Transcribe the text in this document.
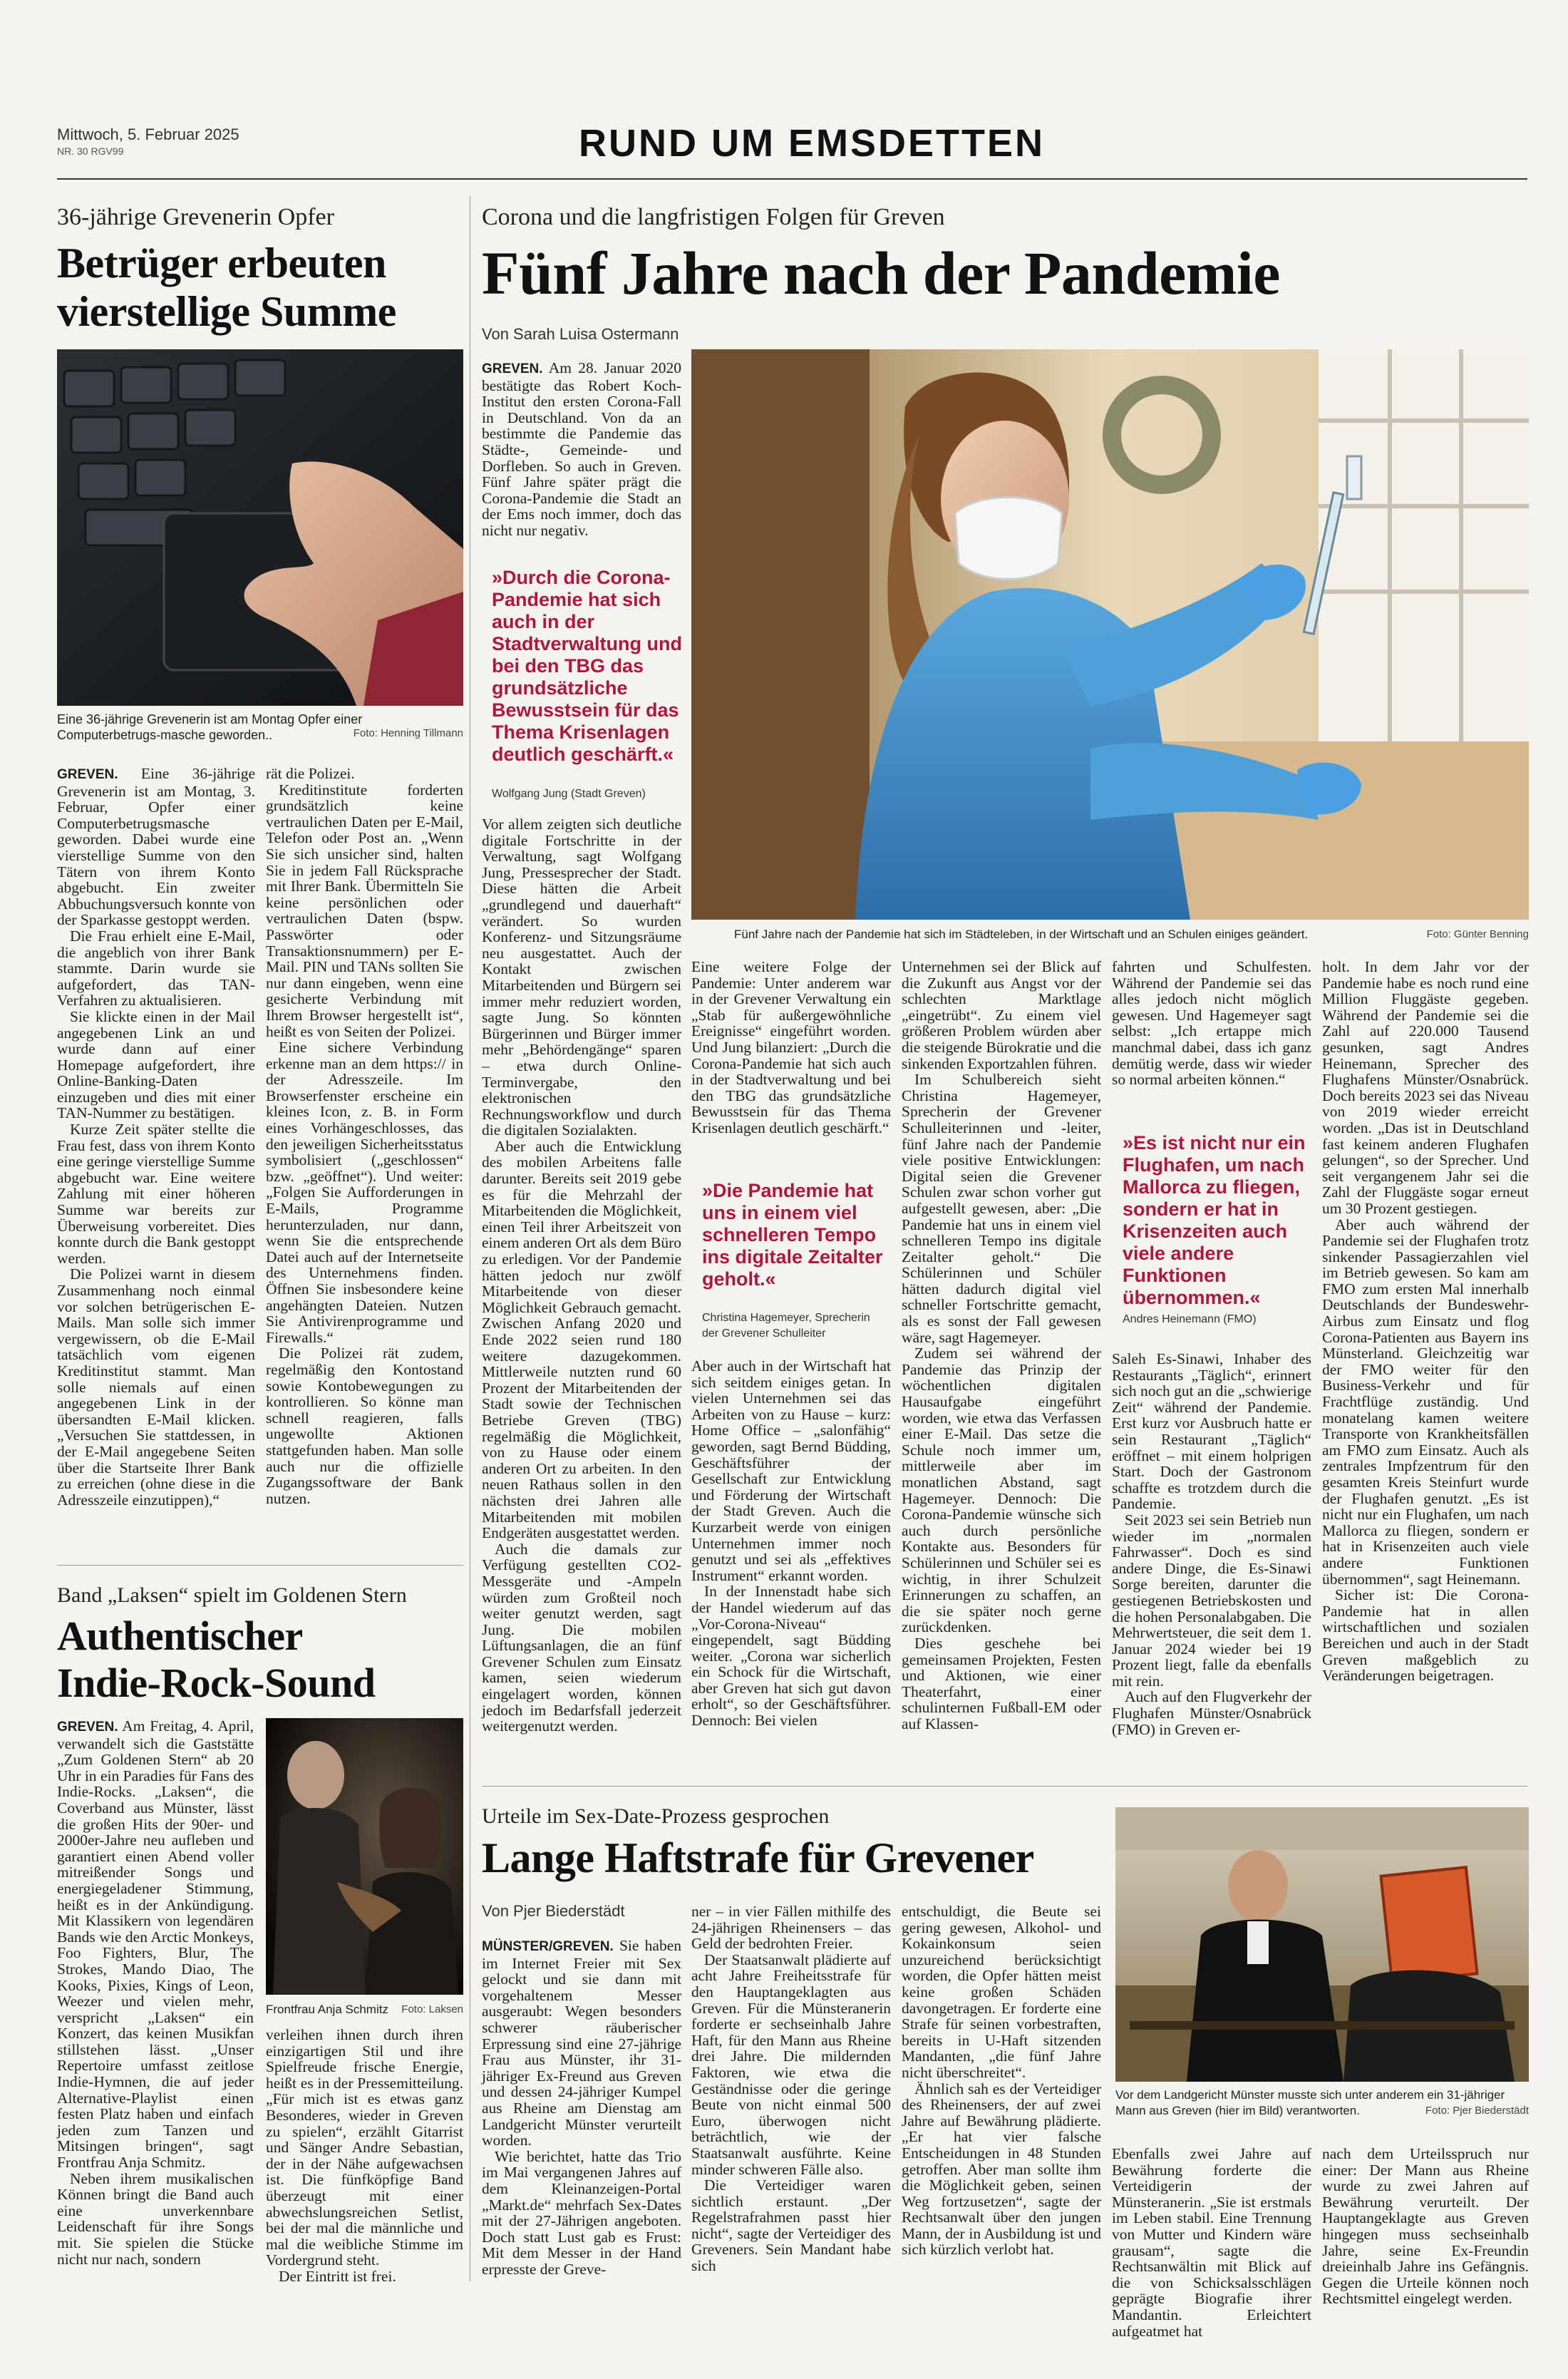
Mittwoch, 5. Februar 2025
NR. 30 RGV99	RUND UM EMSDETTEN
36-jährige Grevenerin Opfer
Betrüger erbeuten
vierstellige Summe
Eine 36-jährige Grevenerin ist am Montag Opfer einer Computerbetrugs-masche geworden..	Foto: Henning Tillmann

GREVEN. Eine 36-jährige Grevenerin ist am Montag, 3. Februar, Opfer einer Computerbetrugsmasche geworden. Dabei wurde eine vierstellige Summe von den Tätern von ihrem Konto abgebucht. Ein zweiter Abbuchungsversuch konnte von der Sparkasse gestoppt werden.

Die Frau erhielt eine E-Mail, die angeblich von ihrer Bank stammte. Darin wurde sie aufgefordert, das TAN-Verfahren zu aktualisieren.

Sie klickte einen in der Mail angegebenen Link an und wurde dann auf einer Homepage aufgefordert, ihre Online-Banking-Daten einzugeben und dies mit einer TAN-Nummer zu bestätigen.

Kurze Zeit später stellte die Frau fest, dass von ihrem Konto eine geringe vierstellige Summe abgebucht war. Eine weitere Zahlung mit einer höheren Summe war bereits zur Überweisung vorbereitet. Dies konnte durch die Bank gestoppt werden.

Die Polizei warnt in diesem Zusammenhang noch einmal vor solchen betrügerischen E-Mails. Man solle sich immer vergewissern, ob die E-Mail tatsächlich vom eigenen Kreditinstitut stammt. Man solle niemals auf einen angegebenen Link in der übersandten E-Mail klicken. „Versuchen Sie stattdessen, in der E-Mail angegebene Seiten über die Startseite Ihrer Bank zu erreichen (ohne diese in die Adresszeile einzutippen),“

rät die Polizei.

Kreditinstitute forderten grundsätzlich keine vertraulichen Daten per E-Mail, Telefon oder Post an. „Wenn Sie sich unsicher sind, halten Sie in jedem Fall Rücksprache mit Ihrer Bank. Übermitteln Sie keine persönlichen oder vertraulichen Daten (bspw. Passwörter oder Transaktionsnummern) per E-Mail. PIN und TANs sollten Sie nur dann eingeben, wenn eine gesicherte Verbindung mit Ihrem Browser hergestellt ist“, heißt es von Seiten der Polizei.

Eine sichere Verbindung erkenne man an dem https:// in der Adresszeile. Im Browserfenster erscheine ein kleines Icon, z. B. in Form eines Vorhängeschlosses, das den jeweiligen Sicherheitsstatus symbolisiert („geschlossen“ bzw. „geöffnet“). Und weiter: „Folgen Sie Aufforderungen in E-Mails, Programme herunterzuladen, nur dann, wenn Sie die entsprechende Datei auch auf der Internetseite des Unternehmens finden. Öffnen Sie insbesondere keine angehängten Dateien. Nutzen Sie Antivirenprogramme und Firewalls.“

Die Polizei rät zudem, regelmäßig den Kontostand sowie Kontobewegungen zu kontrollieren. So könne man schnell reagieren, falls ungewollte Aktionen stattgefunden haben. Man solle auch nur die offizielle Zugangssoftware der Bank nutzen.

Band „Laksen“ spielt im Goldenen Stern
Authentischer
Indie-Rock-Sound

GREVEN. Am Freitag, 4. April, verwandelt sich die Gaststätte „Zum Goldenen Stern“ ab 20 Uhr in ein Paradies für Fans des Indie-Rocks. „Laksen“, die Coverband aus Münster, lässt die großen Hits der 90er- und 2000er-Jahre neu aufleben und garantiert einen Abend voller mitreißender Songs und energiegeladener Stimmung, heißt es in der Ankündigung. Mit Klassikern von legendären Bands wie den Arctic Monkeys, Foo Fighters, Blur, The Strokes, Mando Diao, The Kooks, Pixies, Kings of Leon, Weezer und vielen mehr, verspricht „Laksen“ ein Konzert, das keinen Musikfan stillstehen lässt. „Unser Repertoire umfasst zeitlose Indie-Hymnen, die auf jeder Alternative-Playlist einen festen Platz haben und einfach jeden zum Tanzen und Mitsingen bringen“, sagt Frontfrau Anja Schmitz.

Neben ihrem musikalischen Können bringt die Band auch eine unverkennbare Leidenschaft für ihre Songs mit. Sie spielen die Stücke nicht nur nach, sondern

Frontfrau Anja Schmitz	Foto: Laksen

verleihen ihnen durch ihren einzigartigen Stil und ihre Spielfreude frische Energie, heißt es in der Pressemitteilung. „Für mich ist es etwas ganz Besonderes, wieder in Greven zu spielen“, erzählt Gitarrist und Sänger Andre Sebastian, der in der Nähe aufgewachsen ist. Die fünfköpfige Band überzeugt mit einer abwechslungsreichen Setlist, bei der mal die männliche und mal die weibliche Stimme im Vordergrund steht.

Der Eintritt ist frei.

Corona und die langfristigen Folgen für Greven
Fünf Jahre nach der Pandemie
Von Sarah Luisa Ostermann

GREVEN. Am 28. Januar 2020 bestätigte das Robert Koch-Institut den ersten Corona-Fall in Deutschland. Von da an bestimmte die Pandemie das Städte-, Gemeinde- und Dorfleben. So auch in Greven. Fünf Jahre später prägt die Corona-Pandemie die Stadt an der Ems noch immer, doch das nicht nur negativ.

»Durch die Corona-Pandemie hat sich auch in der Stadtverwaltung und bei den TBG das grundsätzliche Bewusstsein für das Thema Krisenlagen deutlich geschärft.«
Wolfgang Jung (Stadt Greven)
Fünf Jahre nach der Pandemie hat sich im Städteleben, in der Wirtschaft und an Schulen einiges geändert.	Foto: Günter Benning

Vor allem zeigten sich deutliche digitale Fortschritte in der Verwaltung, sagt Wolfgang Jung, Pressesprecher der Stadt. Diese hätten die Arbeit „grundlegend und dauerhaft“ verändert. So wurden Konferenz- und Sitzungsräume neu ausgestattet. Auch der Kontakt zwischen Mitarbeitenden und Bürgern sei immer mehr reduziert worden, sagte Jung. So könnten Bürgerinnen und Bürger immer mehr „Behördengänge“ sparen – etwa durch Online-Terminvergabe, den elektronischen Rechnungsworkflow und durch die digitalen Sozialakten.

Aber auch die Entwicklung des mobilen Arbeitens falle darunter. Bereits seit 2019 gebe es für die Mehrzahl der Mitarbeitenden die Möglichkeit, einen Teil ihrer Arbeitszeit von einem anderen Ort als dem Büro zu erledigen. Vor der Pandemie hätten jedoch nur zwölf Mitarbeitende von dieser Möglichkeit Gebrauch gemacht. Zwischen Anfang 2020 und Ende 2022 seien rund 180 weitere dazugekommen. Mittlerweile nutzten rund 60 Prozent der Mitarbeitenden der Stadt sowie der Technischen Betriebe Greven (TBG) regelmäßig die Möglichkeit, von zu Hause oder einem anderen Ort zu arbeiten. In den neuen Rathaus sollen in den nächsten drei Jahren alle Mitarbeitenden mit mobilen Endgeräten ausgestattet werden.

Auch die damals zur Verfügung gestellten CO2-Messgeräte und -Ampeln würden zum Großteil noch weiter genutzt werden, sagt Jung. Die mobilen Lüftungsanlagen, die an fünf Grevener Schulen zum Einsatz kamen, seien wiederum eingelagert worden, können jedoch im Bedarfsfall jederzeit weitergenutzt werden.

Eine weitere Folge der Pandemie: Unter anderem war in der Grevener Verwaltung ein „Stab für außergewöhnliche Ereignisse“ eingeführt worden. Und Jung bilanziert: „Durch die Corona-Pandemie hat sich auch in der Stadtverwaltung und bei den TBG das grundsätzliche Bewusstsein für das Thema Krisenlagen deutlich geschärft.“

»Die Pandemie hat uns in einem viel schnelleren Tempo ins digitale Zeitalter geholt.«
Christina Hagemeyer, Sprecherin der Grevener Schulleiter

Aber auch in der Wirtschaft hat sich seitdem einiges getan. In vielen Unternehmen sei das Arbeiten von zu Hause – kurz: Home Office – „salonfähig“ geworden, sagt Bernd Büdding, Geschäftsführer der Gesellschaft zur Entwicklung und Förderung der Wirtschaft der Stadt Greven. Auch die Kurzarbeit werde von einigen Unternehmen immer noch genutzt und sei als „effektives Instrument“ erkannt worden.

In der Innenstadt habe sich der Handel wiederum auf das „Vor-Corona-Niveau“ eingependelt, sagt Büdding weiter. „Corona war sicherlich ein Schock für die Wirtschaft, aber Greven hat sich gut davon erholt“, so der Geschäftsführer. Dennoch: Bei vielen

Unternehmen sei der Blick auf die Zukunft aus Angst vor der schlechten Marktlage „eingetrübt“. Zu einem viel größeren Problem würden aber die steigende Bürokratie und die sinkenden Exportzahlen führen.

Im Schulbereich sieht Christina Hagemeyer, Sprecherin der Grevener Schulleiterinnen und -leiter, fünf Jahre nach der Pandemie viele positive Entwicklungen: Digital seien die Grevener Schulen zwar schon vorher gut aufgestellt gewesen, aber: „Die Pandemie hat uns in einem viel schnelleren Tempo ins digitale Zeitalter geholt.“ Die Schülerinnen und Schüler hätten dadurch digital viel schneller Fortschritte gemacht, als es sonst der Fall gewesen wäre, sagt Hagemeyer.

Zudem sei während der Pandemie das Prinzip der wöchentlichen digitalen Hausaufgabe eingeführt worden, wie etwa das Verfassen einer E-Mail. Das setze die Schule noch immer um, mittlerweile aber im monatlichen Abstand, sagt Hagemeyer. Dennoch: Die Corona-Pandemie wünsche sich auch durch persönliche Kontakte aus. Besonders für Schülerinnen und Schüler sei es wichtig, in ihrer Schulzeit Erinnerungen zu schaffen, an die sie später noch gerne zurückdenken.

Dies geschehe bei gemeinsamen Projekten, Festen und Aktionen, wie einer Theaterfahrt, einer schulinternen Fußball-EM oder auf Klassen-

fahrten und Schulfesten. Während der Pandemie sei das alles jedoch nicht möglich gewesen. Und Hagemeyer sagt selbst: „Ich ertappe mich manchmal dabei, dass ich ganz demütig werde, dass wir wieder so normal arbeiten können.“

»Es ist nicht nur ein Flughafen, um nach Mallorca zu fliegen, sondern er hat in Krisenzeiten auch viele andere Funktionen übernommen.«
Andres Heinemann (FMO)

Saleh Es-Sinawi, Inhaber des Restaurants „Täglich“, erinnert sich noch gut an die „schwierige Zeit“ während der Pandemie. Erst kurz vor Ausbruch hatte er sein Restaurant „Täglich“ eröffnet – mit einem holprigen Start. Doch der Gastronom schaffte es trotzdem durch die Pandemie.

Seit 2023 sei sein Betrieb nun wieder im „normalen Fahrwasser“. Doch es sind andere Dinge, die Es-Sinawi Sorge bereiten, darunter die gestiegenen Betriebskosten und die hohen Personalabgaben. Die Mehrwertsteuer, die seit dem 1. Januar 2024 wieder bei 19 Prozent liegt, falle da ebenfalls mit rein.

Auch auf den Flugverkehr der Flughafen Münster/Osnabrück (FMO) in Greven er-

holt. In dem Jahr vor der Pandemie habe es noch rund eine Million Fluggäste gegeben. Während der Pandemie sei die Zahl auf 220.000 Tausend gesunken, sagt Andres Heinemann, Sprecher des Flughafens Münster/Osnabrück. Doch bereits 2023 sei das Niveau von 2019 wieder erreicht worden. „Das ist in Deutschland fast keinem anderen Flughafen gelungen“, so der Sprecher. Und seit vergangenem Jahr sei die Zahl der Fluggäste sogar erneut um 30 Prozent gestiegen.

Aber auch während der Pandemie sei der Flughafen trotz sinkender Passagierzahlen viel im Betrieb gewesen. So kam am FMO zum ersten Mal innerhalb Deutschlands der Bundeswehr-Airbus zum Einsatz und flog Corona-Patienten aus Bayern ins Münsterland. Gleichzeitig war der FMO weiter für den Business-Verkehr und für Frachtflüge zuständig. Und monatelang kamen weitere Transporte von Krankheitsfällen am FMO zum Einsatz. Auch als zentrales Impfzentrum für den gesamten Kreis Steinfurt wurde der Flughafen genutzt. „Es ist nicht nur ein Flughafen, um nach Mallorca zu fliegen, sondern er hat in Krisenzeiten auch viele andere Funktionen übernommen“, sagt Heinemann.

Sicher ist: Die Corona-Pandemie hat in allen wirtschaftlichen und sozialen Bereichen und auch in der Stadt Greven maßgeblich zu Veränderungen beigetragen.

Urteile im Sex-Date-Prozess gesprochen
Lange Haftstrafe für Grevener
Von Pjer Biederstädt

MÜNSTER/GREVEN. Sie haben im Internet Freier mit Sex gelockt und sie dann mit vorgehaltenem Messer ausgeraubt: Wegen besonders schwerer räuberischer Erpressung sind eine 27-jährige Frau aus Münster, ihr 31-jähriger Ex-Freund aus Greven und dessen 24-jähriger Kumpel aus Rheine am Dienstag am Landgericht Münster verurteilt worden.

Wie berichtet, hatte das Trio im Mai vergangenen Jahres auf dem Kleinanzeigen-Portal „Markt.de“ mehrfach Sex-Dates mit der 27-Jährigen angeboten. Doch statt Lust gab es Frust: Mit dem Messer in der Hand erpresste der Greve-

ner – in vier Fällen mithilfe des 24-jährigen Rheinensers – das Geld der bedrohten Freier.

Der Staatsanwalt plädierte auf acht Jahre Freiheitsstrafe für den Hauptangeklagten aus Greven. Für die Münsteranerin forderte er sechseinhalb Jahre Haft, für den Mann aus Rheine drei Jahre. Die mildernden Faktoren, wie etwa die Geständnisse oder die geringe Beute von nicht einmal 500 Euro, überwogen nicht beträchtlich, wie der Staatsanwalt ausführte. Keine minder schweren Fälle also.

Die Verteidiger waren sichtlich erstaunt. „Der Regelstrafrahmen passt hier nicht“, sagte der Verteidiger des Greveners. Sein Mandant habe sich

entschuldigt, die Beute sei gering gewesen, Alkohol- und Kokainkonsum seien unzureichend berücksichtigt worden, die Opfer hätten meist keine großen Schäden davongetragen. Er forderte eine Strafe für seinen vorbestraften, bereits in U-Haft sitzenden Mandanten, „die fünf Jahre nicht überschreitet“.

Ähnlich sah es der Verteidiger des Rheinensers, der auf zwei Jahre auf Bewährung plädierte. „Er hat vier falsche Entscheidungen in 48 Stunden getroffen. Aber man sollte ihm die Möglichkeit geben, seinen Weg fortzusetzen“, sagte der Rechtsanwalt über den jungen Mann, der in Ausbildung ist und sich kürzlich verlobt hat.

Vor dem Landgericht Münster musste sich unter anderem ein 31-jähriger Mann aus Greven (hier im Bild) verantworten.	Foto: Pjer Biederstädt

Ebenfalls zwei Jahre auf Bewährung forderte die Verteidigerin der Münsteranerin. „Sie ist erstmals im Leben stabil. Eine Trennung von Mutter und Kindern wäre grausam“, sagte die Rechtsanwältin mit Blick auf die von Schicksalsschlägen geprägte Biografie ihrer Mandantin. Erleichtert aufgeatmet hat

nach dem Urteilsspruch nur einer: Der Mann aus Rheine wurde zu zwei Jahren auf Bewährung verurteilt. Der Hauptangeklagte aus Greven hingegen muss sechseinhalb Jahre, seine Ex-Freundin dreieinhalb Jahre ins Gefängnis. Gegen die Urteile können noch Rechtsmittel eingelegt werden.
